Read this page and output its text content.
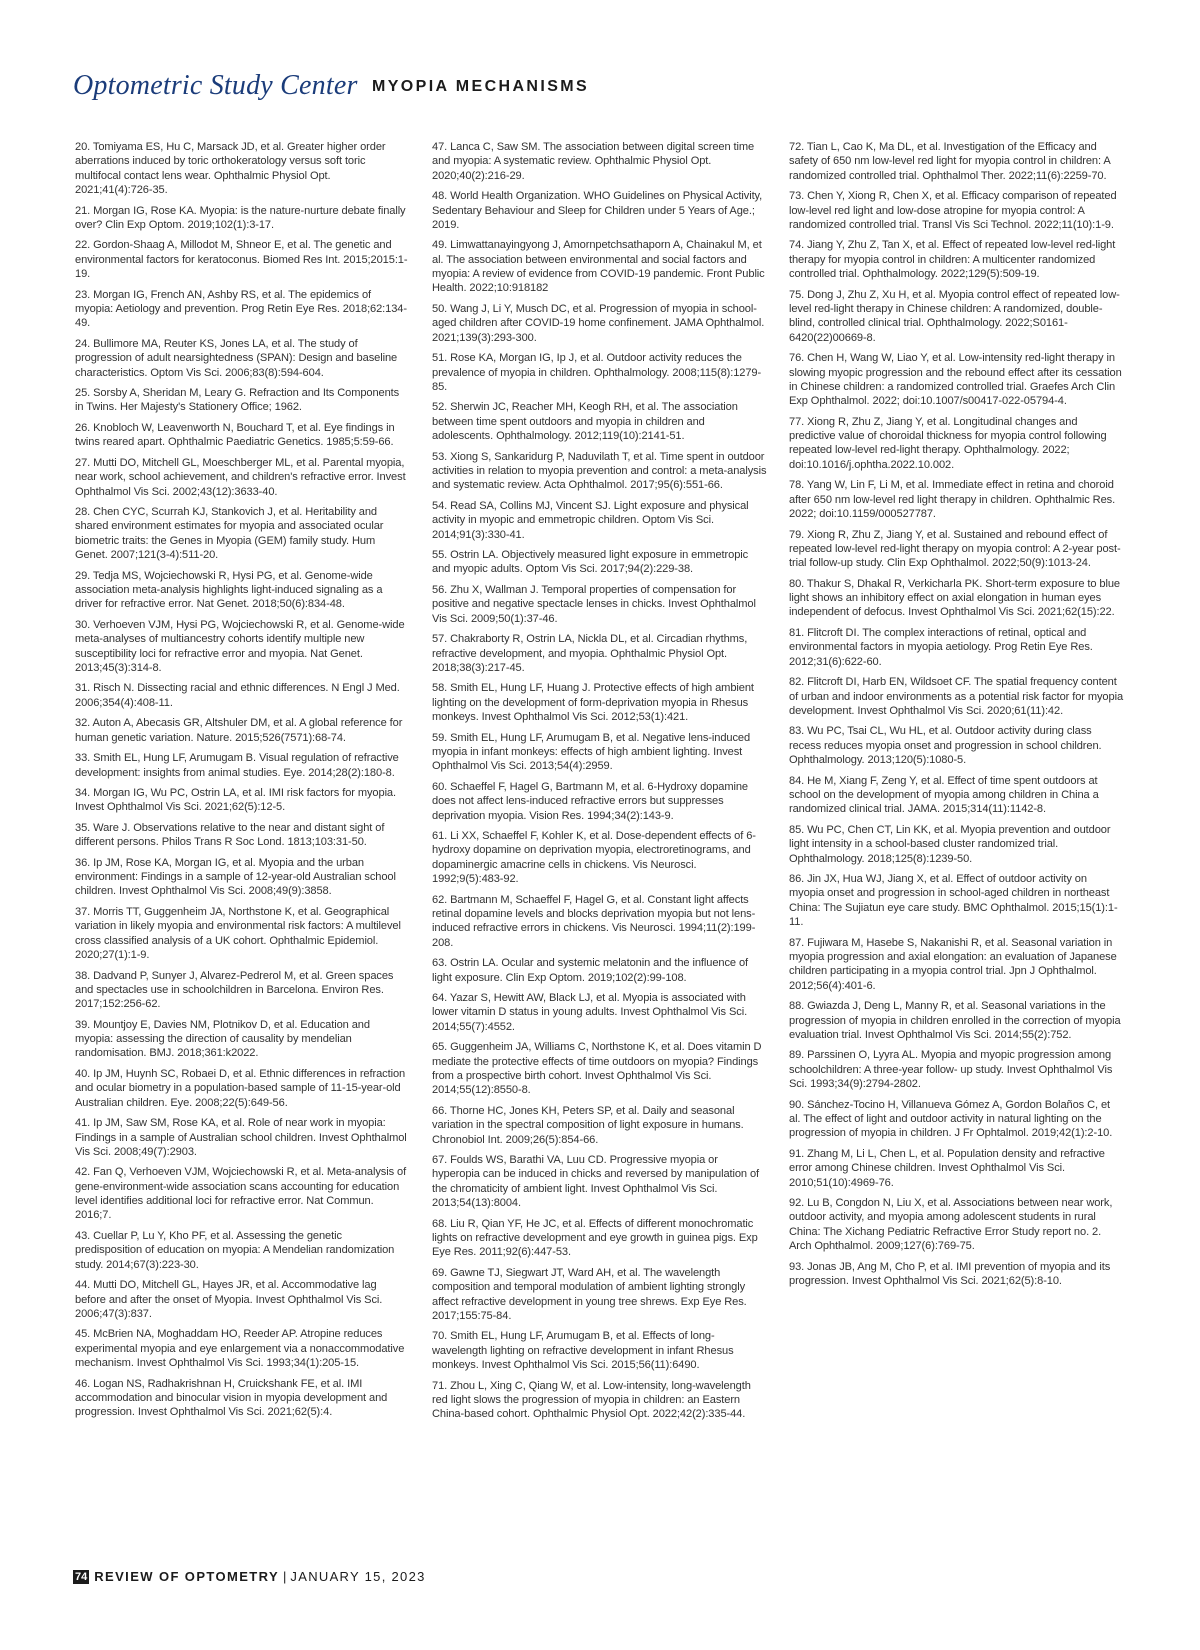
Optometric Study Center MYOPIA MECHANISMS

20. Tomiyama ES, Hu C, Marsack JD, et al. Greater higher order aberrations induced by toric orthokeratology versus soft toric multifocal contact lens wear. Ophthalmic Physiol Opt. 2021;41(4):726-35.

21. Morgan IG, Rose KA. Myopia: is the nature-nurture debate finally over? Clin Exp Optom. 2019;102(1):3-17.

22. Gordon-Shaag A, Millodot M, Shneor E, et al. The genetic and environmental factors for keratoconus. Biomed Res Int. 2015;2015:1-19.

23. Morgan IG, French AN, Ashby RS, et al. The epidemics of myopia: Aetiology and prevention. Prog Retin Eye Res. 2018;62:134-49.

24. Bullimore MA, Reuter KS, Jones LA, et al. The study of progression of adult nearsightedness (SPAN): Design and baseline characteristics. Optom Vis Sci. 2006;83(8):594-604.

25. Sorsby A, Sheridan M, Leary G. Refraction and Its Components in Twins. Her Majesty's Stationery Office; 1962.

26. Knobloch W, Leavenworth N, Bouchard T, et al. Eye findings in twins reared apart. Ophthalmic Paediatric Genetics. 1985;5:59-66.

27. Mutti DO, Mitchell GL, Moeschberger ML, et al. Parental myopia, near work, school achievement, and children's refractive error. Invest Ophthalmol Vis Sci. 2002;43(12):3633-40.

28. Chen CYC, Scurrah KJ, Stankovich J, et al. Heritability and shared environment estimates for myopia and associated ocular biometric traits: the Genes in Myopia (GEM) family study. Hum Genet. 2007;121(3-4):511-20.

29. Tedja MS, Wojciechowski R, Hysi PG, et al. Genome-wide association meta-analysis highlights light-induced signaling as a driver for refractive error. Nat Genet. 2018;50(6):834-48.

30. Verhoeven VJM, Hysi PG, Wojciechowski R, et al. Genome-wide meta-analyses of multiancestry cohorts identify multiple new susceptibility loci for refractive error and myopia. Nat Genet. 2013;45(3):314-8.

31. Risch N. Dissecting racial and ethnic differences. N Engl J Med. 2006;354(4):408-11.

32. Auton A, Abecasis GR, Altshuler DM, et al. A global reference for human genetic variation. Nature. 2015;526(7571):68-74.

33. Smith EL, Hung LF, Arumugam B. Visual regulation of refractive development: insights from animal studies. Eye. 2014;28(2):180-8.

34. Morgan IG, Wu PC, Ostrin LA, et al. IMI risk factors for myopia. Invest Ophthalmol Vis Sci. 2021;62(5):12-5.

35. Ware J. Observations relative to the near and distant sight of different persons. Philos Trans R Soc Lond. 1813;103:31-50.

36. Ip JM, Rose KA, Morgan IG, et al. Myopia and the urban environment: Findings in a sample of 12-year-old Australian school children. Invest Ophthalmol Vis Sci. 2008;49(9):3858.

37. Morris TT, Guggenheim JA, Northstone K, et al. Geographical variation in likely myopia and environmental risk factors: A multilevel cross classified analysis of a UK cohort. Ophthalmic Epidemiol. 2020;27(1):1-9.

38. Dadvand P, Sunyer J, Alvarez-Pedrerol M, et al. Green spaces and spectacles use in schoolchildren in Barcelona. Environ Res. 2017;152:256-62.

39. Mountjoy E, Davies NM, Plotnikov D, et al. Education and myopia: assessing the direction of causality by mendelian randomisation. BMJ. 2018;361:k2022.

40. Ip JM, Huynh SC, Robaei D, et al. Ethnic differences in refraction and ocular biometry in a population-based sample of 11-15-year-old Australian children. Eye. 2008;22(5):649-56.

41. Ip JM, Saw SM, Rose KA, et al. Role of near work in myopia: Findings in a sample of Australian school children. Invest Ophthalmol Vis Sci. 2008;49(7):2903.

42. Fan Q, Verhoeven VJM, Wojciechowski R, et al. Meta-analysis of gene-environment-wide association scans accounting for education level identifies additional loci for refractive error. Nat Commun. 2016;7.

43. Cuellar P, Lu Y, Kho PF, et al. Assessing the genetic predisposition of education on myopia: A Mendelian randomization study. 2014;67(3):223-30.

44. Mutti DO, Mitchell GL, Hayes JR, et al. Accommodative lag before and after the onset of Myopia. Invest Ophthalmol Vis Sci. 2006;47(3):837.

45. McBrien NA, Moghaddam HO, Reeder AP. Atropine reduces experimental myopia and eye enlargement via a nonaccommodative mechanism. Invest Ophthalmol Vis Sci. 1993;34(1):205-15.

46. Logan NS, Radhakrishnan H, Cruickshank FE, et al. IMI accommodation and binocular vision in myopia development and progression. Invest Ophthalmol Vis Sci. 2021;62(5):4.

47. Lanca C, Saw SM. The association between digital screen time and myopia: A systematic review. Ophthalmic Physiol Opt. 2020;40(2):216-29.

48. World Health Organization. WHO Guidelines on Physical Activity, Sedentary Behaviour and Sleep for Children under 5 Years of Age.; 2019.

49. Limwattanayingyong J, Amornpetchsathaporn A, Chainakul M, et al. The association between environmental and social factors and myopia: A review of evidence from COVID-19 pandemic. Front Public Health. 2022;10:918182

50. Wang J, Li Y, Musch DC, et al. Progression of myopia in school-aged children after COVID-19 home confinement. JAMA Ophthalmol. 2021;139(3):293-300.

51. Rose KA, Morgan IG, Ip J, et al. Outdoor activity reduces the prevalence of myopia in children. Ophthalmology. 2008;115(8):1279-85.

52. Sherwin JC, Reacher MH, Keogh RH, et al. The association between time spent outdoors and myopia in children and adolescents. Ophthalmology. 2012;119(10):2141-51.

53. Xiong S, Sankaridurg P, Naduvilath T, et al. Time spent in outdoor activities in relation to myopia prevention and control: a meta-analysis and systematic review. Acta Ophthalmol. 2017;95(6):551-66.

54. Read SA, Collins MJ, Vincent SJ. Light exposure and physical activity in myopic and emmetropic children. Optom Vis Sci. 2014;91(3):330-41.

55. Ostrin LA. Objectively measured light exposure in emmetropic and myopic adults. Optom Vis Sci. 2017;94(2):229-38.

56. Zhu X, Wallman J. Temporal properties of compensation for positive and negative spectacle lenses in chicks. Invest Ophthalmol Vis Sci. 2009;50(1):37-46.

57. Chakraborty R, Ostrin LA, Nickla DL, et al. Circadian rhythms, refractive development, and myopia. Ophthalmic Physiol Opt. 2018;38(3):217-45.

58. Smith EL, Hung LF, Huang J. Protective effects of high ambient lighting on the development of form-deprivation myopia in Rhesus monkeys. Invest Ophthalmol Vis Sci. 2012;53(1):421.

59. Smith EL, Hung LF, Arumugam B, et al. Negative lens-induced myopia in infant monkeys: effects of high ambient lighting. Invest Ophthalmol Vis Sci. 2013;54(4):2959.

60. Schaeffel F, Hagel G, Bartmann M, et al. 6-Hydroxy dopamine does not affect lens-induced refractive errors but suppresses deprivation myopia. Vision Res. 1994;34(2):143-9.

61. Li XX, Schaeffel F, Kohler K, et al. Dose-dependent effects of 6-hydroxy dopamine on deprivation myopia, electroretinograms, and dopaminergic amacrine cells in chickens. Vis Neurosci. 1992;9(5):483-92.

62. Bartmann M, Schaeffel F, Hagel G, et al. Constant light affects retinal dopamine levels and blocks deprivation myopia but not lens-induced refractive errors in chickens. Vis Neurosci. 1994;11(2):199-208.

63. Ostrin LA. Ocular and systemic melatonin and the influence of light exposure. Clin Exp Optom. 2019;102(2):99-108.

64. Yazar S, Hewitt AW, Black LJ, et al. Myopia is associated with lower vitamin D status in young adults. Invest Ophthalmol Vis Sci. 2014;55(7):4552.

65. Guggenheim JA, Williams C, Northstone K, et al. Does vitamin D mediate the protective effects of time outdoors on myopia? Findings from a prospective birth cohort. Invest Ophthalmol Vis Sci. 2014;55(12):8550-8.

66. Thorne HC, Jones KH, Peters SP, et al. Daily and seasonal variation in the spectral composition of light exposure in humans. Chronobiol Int. 2009;26(5):854-66.

67. Foulds WS, Barathi VA, Luu CD. Progressive myopia or hyperopia can be induced in chicks and reversed by manipulation of the chromaticity of ambient light. Invest Ophthalmol Vis Sci. 2013;54(13):8004.

68. Liu R, Qian YF, He JC, et al. Effects of different monochromatic lights on refractive development and eye growth in guinea pigs. Exp Eye Res. 2011;92(6):447-53.

69. Gawne TJ, Siegwart JT, Ward AH, et al. The wavelength composition and temporal modulation of ambient lighting strongly affect refractive development in young tree shrews. Exp Eye Res. 2017;155:75-84.

70. Smith EL, Hung LF, Arumugam B, et al. Effects of long-wavelength lighting on refractive development in infant Rhesus monkeys. Invest Ophthalmol Vis Sci. 2015;56(11):6490.

71. Zhou L, Xing C, Qiang W, et al. Low-intensity, long-wavelength red light slows the progression of myopia in children: an Eastern China-based cohort. Ophthalmic Physiol Opt. 2022;42(2):335-44.

72. Tian L, Cao K, Ma DL, et al. Investigation of the Efficacy and safety of 650 nm low-level red light for myopia control in children: A randomized controlled trial. Ophthalmol Ther. 2022;11(6):2259-70.

73. Chen Y, Xiong R, Chen X, et al. Efficacy comparison of repeated low-level red light and low-dose atropine for myopia control: A randomized controlled trial. Transl Vis Sci Technol. 2022;11(10):1-9.

74. Jiang Y, Zhu Z, Tan X, et al. Effect of repeated low-level red-light therapy for myopia control in children: A multicenter randomized controlled trial. Ophthalmology. 2022;129(5):509-19.

75. Dong J, Zhu Z, Xu H, et al. Myopia control effect of repeated low-level red-light therapy in Chinese children: A randomized, double-blind, controlled clinical trial. Ophthalmology. 2022;S0161-6420(22)00669-8.

76. Chen H, Wang W, Liao Y, et al. Low-intensity red-light therapy in slowing myopic progression and the rebound effect after its cessation in Chinese children: a randomized controlled trial. Graefes Arch Clin Exp Ophthalmol. 2022; doi:10.1007/s00417-022-05794-4.

77. Xiong R, Zhu Z, Jiang Y, et al. Longitudinal changes and predictive value of choroidal thickness for myopia control following repeated low-level red-light therapy. Ophthalmology. 2022; doi:10.1016/j.ophtha.2022.10.002.

78. Yang W, Lin F, Li M, et al. Immediate effect in retina and choroid after 650 nm low-level red light therapy in children. Ophthalmic Res. 2022; doi:10.1159/000527787.

79. Xiong R, Zhu Z, Jiang Y, et al. Sustained and rebound effect of repeated low-level red-light therapy on myopia control: A 2-year post-trial follow-up study. Clin Exp Ophthalmol. 2022;50(9):1013-24.

80. Thakur S, Dhakal R, Verkicharla PK. Short-term exposure to blue light shows an inhibitory effect on axial elongation in human eyes independent of defocus. Invest Ophthalmol Vis Sci. 2021;62(15):22.

81. Flitcroft DI. The complex interactions of retinal, optical and environmental factors in myopia aetiology. Prog Retin Eye Res. 2012;31(6):622-60.

82. Flitcroft DI, Harb EN, Wildsoet CF. The spatial frequency content of urban and indoor environments as a potential risk factor for myopia development. Invest Ophthalmol Vis Sci. 2020;61(11):42.

83. Wu PC, Tsai CL, Wu HL, et al. Outdoor activity during class recess reduces myopia onset and progression in school children. Ophthalmology. 2013;120(5):1080-5.

84. He M, Xiang F, Zeng Y, et al. Effect of time spent outdoors at school on the development of myopia among children in China a randomized clinical trial. JAMA. 2015;314(11):1142-8.

85. Wu PC, Chen CT, Lin KK, et al. Myopia prevention and outdoor light intensity in a school-based cluster randomized trial. Ophthalmology. 2018;125(8):1239-50.

86. Jin JX, Hua WJ, Jiang X, et al. Effect of outdoor activity on myopia onset and progression in school-aged children in northeast China: The Sujiatun eye care study. BMC Ophthalmol. 2015;15(1):1-11.

87. Fujiwara M, Hasebe S, Nakanishi R, et al. Seasonal variation in myopia progression and axial elongation: an evaluation of Japanese children participating in a myopia control trial. Jpn J Ophthalmol. 2012;56(4):401-6.

88. Gwiazda J, Deng L, Manny R, et al. Seasonal variations in the progression of myopia in children enrolled in the correction of myopia evaluation trial. Invest Ophthalmol Vis Sci. 2014;55(2):752.

89. Parssinen O, Lyyra AL. Myopia and myopic progression among schoolchildren: A three-year follow- up study. Invest Ophthalmol Vis Sci. 1993;34(9):2794-2802.

90. Sánchez-Tocino H, Villanueva Gómez A, Gordon Bolaños C, et al. The effect of light and outdoor activity in natural lighting on the progression of myopia in children. J Fr Ophtalmol. 2019;42(1):2-10.

91. Zhang M, Li L, Chen L, et al. Population density and refractive error among Chinese children. Invest Ophthalmol Vis Sci. 2010;51(10):4969-76.

92. Lu B, Congdon N, Liu X, et al. Associations between near work, outdoor activity, and myopia among adolescent students in rural China: The Xichang Pediatric Refractive Error Study report no. 2. Arch Ophthalmol. 2009;127(6):769-75.

93. Jonas JB, Ang M, Cho P, et al. IMI prevention of myopia and its progression. Invest Ophthalmol Vis Sci. 2021;62(5):8-10.

74 REVIEW OF OPTOMETRY | JANUARY 15, 2023
